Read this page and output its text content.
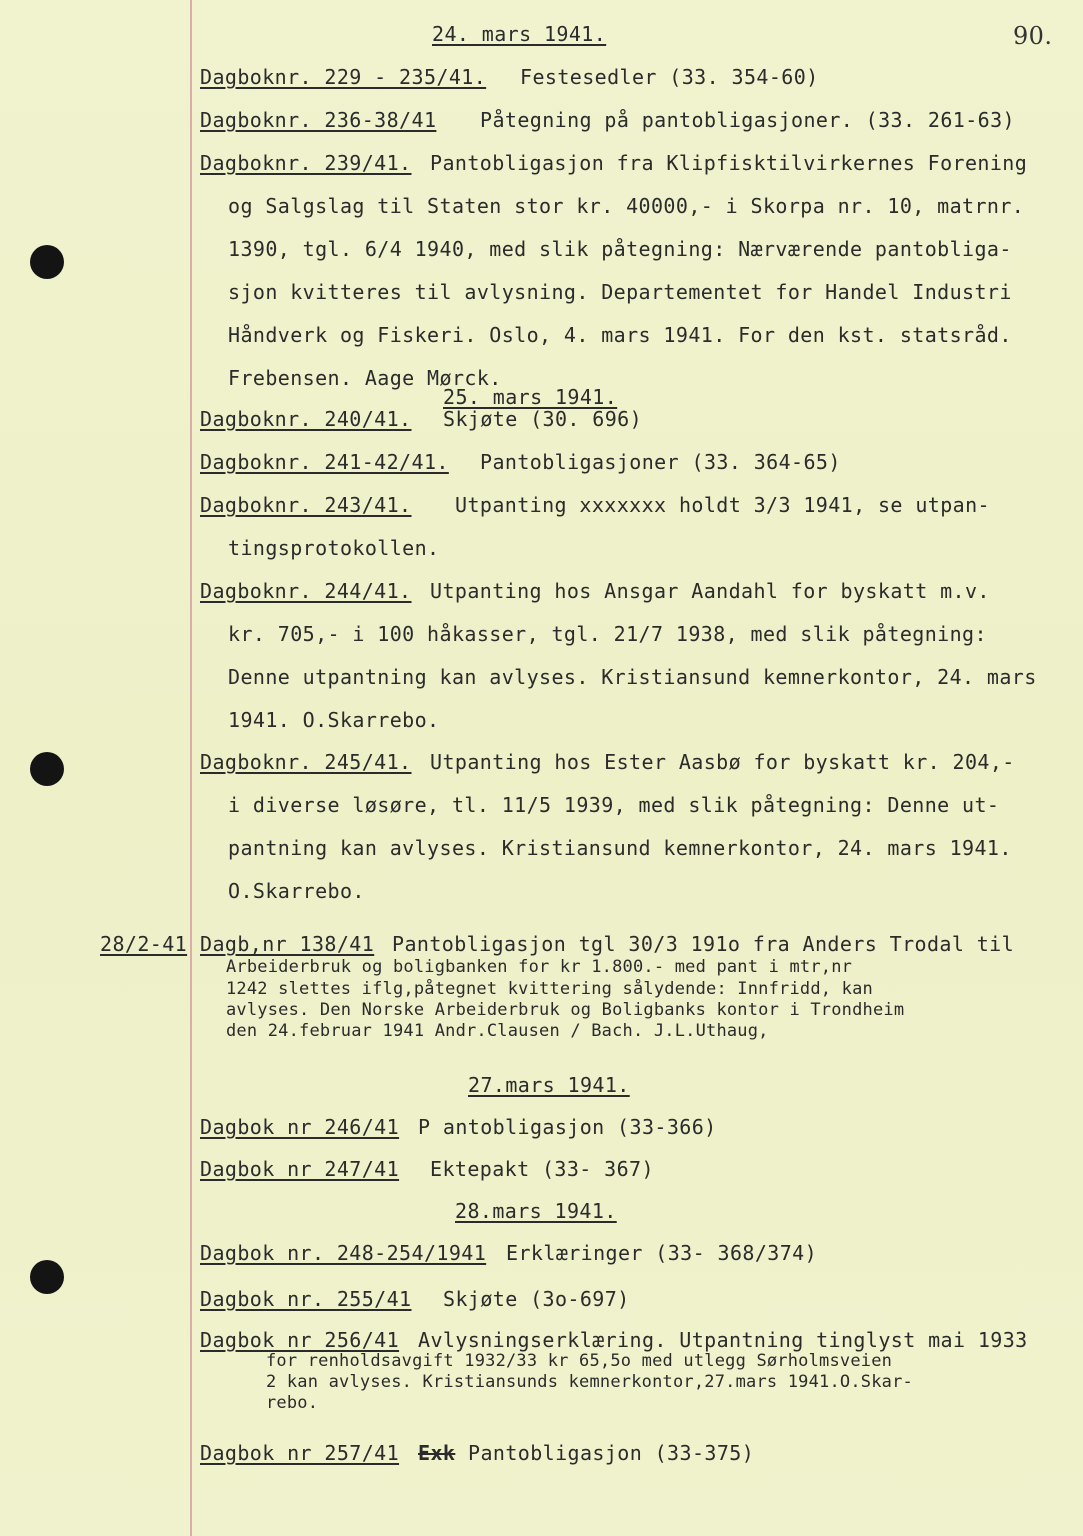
90.
24. mars 1941.
Dagboknr. 229 - 235/41. Festesedler (33. 354-60)
Dagboknr. 236-38/41 Påtegning på pantobligasjoner. (33. 261-63)
Dagboknr. 239/41. Pantobligasjon fra Klipfisktilvirkernes Forening
og Salgslag til Staten stor kr. 40000,- i Skorpa nr. 10, matrnr.
1390, tgl. 6/4 1940, med slik påtegning: Nærværende pantobliga-
sjon kvitteres til avlysning. Departementet for Handel Industri
Håndverk og Fiskeri. Oslo, 4. mars 1941. For den kst. statsråd.
Frebensen. Aage Mørck.
25. mars 1941.
Dagboknr. 240/41. Skjøte (30. 696)
Dagboknr. 241-42/41. Pantobligasjoner (33. 364-65)
Dagboknr. 243/41. Utpanting xxxxxxx holdt 3/3 1941, se utpan-
tingsprotokollen.
Dagboknr. 244/41. Utpanting hos Ansgar Aandahl for byskatt m.v.
kr. 705,- i 100 håkasser, tgl. 21/7 1938, med slik påtegning:
Denne utpantning kan avlyses. Kristiansund kemnerkontor, 24. mars
1941. O.Skarrebo.
Dagboknr. 245/41. Utpanting hos Ester Aasbø for byskatt kr. 204,-
i diverse løsøre, tl. 11/5 1939, med slik påtegning: Denne ut-
pantning kan avlyses. Kristiansund kemnerkontor, 24. mars 1941.
O.Skarrebo.
28/2-41 Dagb,nr 138/41 Pantobligasjon tgl 30/3 191o fra Anders Trodal til
Arbeiderbruk og boligbanken for kr 1.800.- med pant i mtr,nr
1242 slettes iflg,påtegnet kvittering sålydende: Innfridd, kan
avlyses. Den Norske Arbeiderbruk og Boligbanks kontor i Trondheim
den 24.februar 1941 Andr.Clausen / Bach. J.L.Uthaug,
27.mars 1941.
Dagbok nr 246/41 P antobligasjon (33-366)
Dagbok nr 247/41 Ektepakt (33- 367)
28.mars 1941.
Dagbok nr. 248-254/1941 Erklæringer (33- 368/374)
Dagbok nr. 255/41 Skjøte (3o-697)
Dagbok nr 256/41 Avlysningserklæring. Utpantning tinglyst mai 1933
for renholdsavgift 1932/33 kr 65,5o med utlegg Sørholmsveien
2 kan avlyses. Kristiansunds kemnerkontor,27.mars 1941.O.Skar-
rebo.
Dagbok nr 257/41 Exk Pantobligasjon (33-375)
